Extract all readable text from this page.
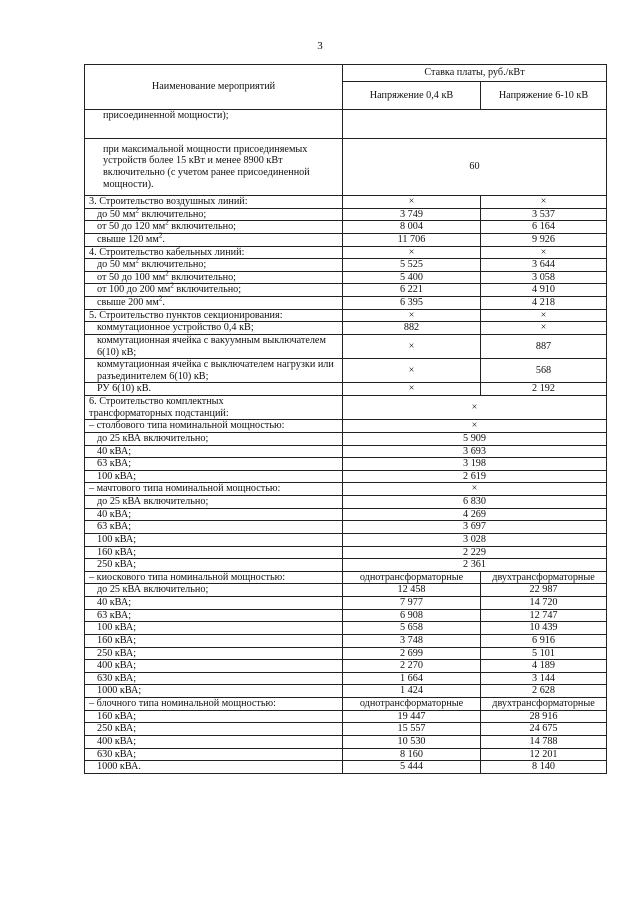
3
Наименование мероприятий	Ставка платы, руб./кВт	
	Напряжение 0,4 кВ	Напряжение 6-10 кВ
присоединенной мощности);		
при максимальной мощности присоединяемых устройств более 15 кВт и менее 8900 кВт включительно (с учетом ранее присоединенной мощности).	60	
3. Строительство воздушных линий:	×	×
до 50 $мм^2$ включительно;	3 749	3 537
от 50 до 120 $мм^2$ включительно;	8 004	6 164
свыше 120 $мм^2$.	11 706	9 926
4. Строительство кабельных линий:	×	×
до 50 $мм^2$ включительно;	5 525	3 644
от 50 до 100 $мм^2$ включительно;	5 400	3 058
от 100 до 200 $мм^2$ включительно;	6 221	4 910
свыше 200 $мм^2$.	6 395	4 218
5. Строительство пунктов секционирования:	×	×
коммутационное устройство 0,4 кВ;	882	×
коммутационная ячейка с вакуумным выключателем 6(10) кВ;	×	887
коммутационная ячейка с выключателем нагрузки или разъединителем 6(10) кВ;	×	568
РУ 6(10) кВ.	×	2 192
6. Строительство комплектных трансформаторных подстанций:	×	
– столбового типа номинальной мощностью:	×	
до 25 кВА включительно;	5 909	
40 кВА;	3 693	
63 кВА;	3 198	
100 кВА;	2 619	
– мачтового типа номинальной мощностью:	×	
до 25 кВА включительно;	6 830	
40 кВА;	4 269	
63 кВА;	3 697	
100 кВА;	3 028	
160 кВА;	2 229	
250 кВА;	2 361	
– киоскового типа номинальной мощностью:	однотрансформаторные	двухтрансформаторные
до 25 кВА включительно;	12 458	22 987
40 кВА;	7 977	14 720
63 кВА;	6 908	12 747
100 кВА;	5 658	10 439
160 кВА;	3 748	6 916
250 кВА;	2 699	5 101
400 кВА;	2 270	4 189
630 кВА;	1 664	3 144
1000 кВА;	1 424	2 628
– блочного типа номинальной мощностью:	однотрансформаторные	двухтрансформаторные
160 кВА;	19 447	28 916
250 кВА;	15 557	24 675
400 кВА;	10 530	14 788
630 кВА;	8 160	12 201
1000 кВА.	5 444	8 140
